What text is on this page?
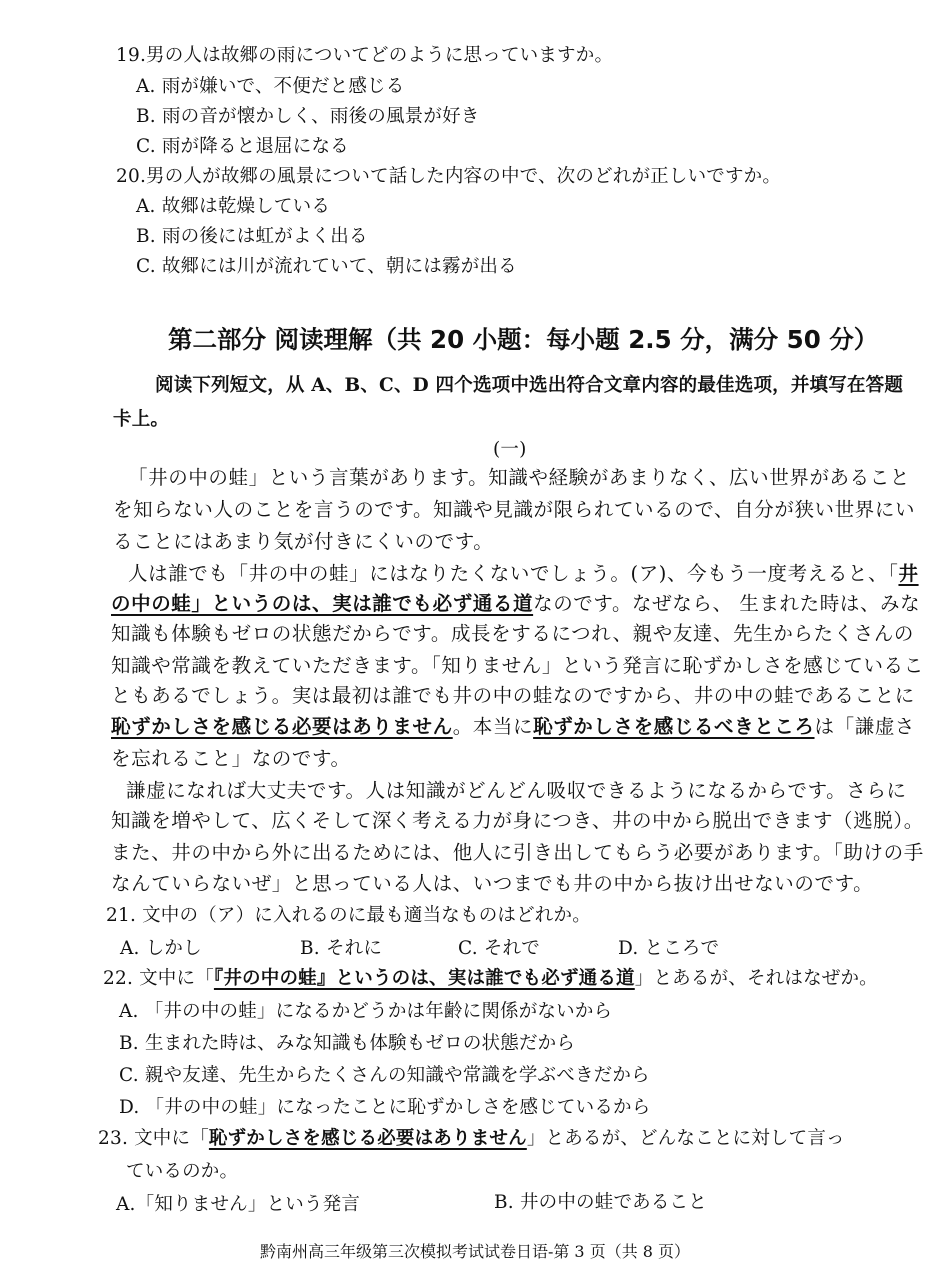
19.男の人は故郷の雨についてどのように思っていますか。
A. 雨が嫌いで、不便だと感じる
B. 雨の音が懐かしく、雨後の風景が好き
C. 雨が降ると退屈になる
20.男の人が故郷の風景について話した内容の中で、次のどれが正しいですか。
A. 故郷は乾燥している
B. 雨の後には虹がよく出る
C. 故郷には川が流れていて、朝には霧が出る
第二部分 阅读理解（共 20 小题：每小题 2.5 分，满分 50 分）
阅读下列短文，从 A、B、C、D 四个选项中选出符合文章内容的最佳选项，并填写在答题
卡上。
(一)
「井の中の蛙」という言葉があります。知識や経験があまりなく、広い世界があること
を知らない人のことを言うのです。知識や見識が限られているので、自分が狭い世界にい
ることにはあまり気が付きにくいのです。
人は誰でも「井の中の蛙」にはなりたくないでしょう。(ア)、今もう一度考えると、「井
の中の蛙」というのは、実は誰でも必ず通る道なのです。なぜなら、 生まれた時は、みな
知識も体験もゼロの状態だからです。成長をするにつれ、親や友達、先生からたくさんの
知識や常識を教えていただきます。「知りません」という発言に恥ずかしさを感じているこ
ともあるでしょう。実は最初は誰でも井の中の蛙なのですから、井の中の蛙であることに
恥ずかしさを感じる必要はありません。本当に恥ずかしさを感じるべきところは「謙虚さ
を忘れること」なのです。
謙虚になれば大丈夫です。人は知識がどんどん吸収できるようになるからです。さらに
知識を増やして、広くそして深く考える力が身につき、井の中から脱出できます（逃脱）。
また、井の中から外に出るためには、他人に引き出してもらう必要があります。「助けの手
なんていらないぜ」と思っている人は、いつまでも井の中から抜け出せないのです。
21. 文中の（ア）に入れるのに最も適当なものはどれか。
A. しかし	B. それに	C. それで	D. ところで
22. 文中に「『井の中の蛙』というのは、実は誰でも必ず通る道」とあるが、それはなぜか。
A. 「井の中の蛙」になるかどうかは年齢に関係がないから
B. 生まれた時は、みな知識も体験もゼロの状態だから
C. 親や友達、先生からたくさんの知識や常識を学ぶべきだから
D. 「井の中の蛙」になったことに恥ずかしさを感じているから
23. 文中に「恥ずかしさを感じる必要はありません」とあるが、どんなことに対して言っ
ているのか。
A.「知りません」という発言	B. 井の中の蛙であること
黔南州高三年级第三次模拟考试试卷日语-第 3 页（共 8 页）
